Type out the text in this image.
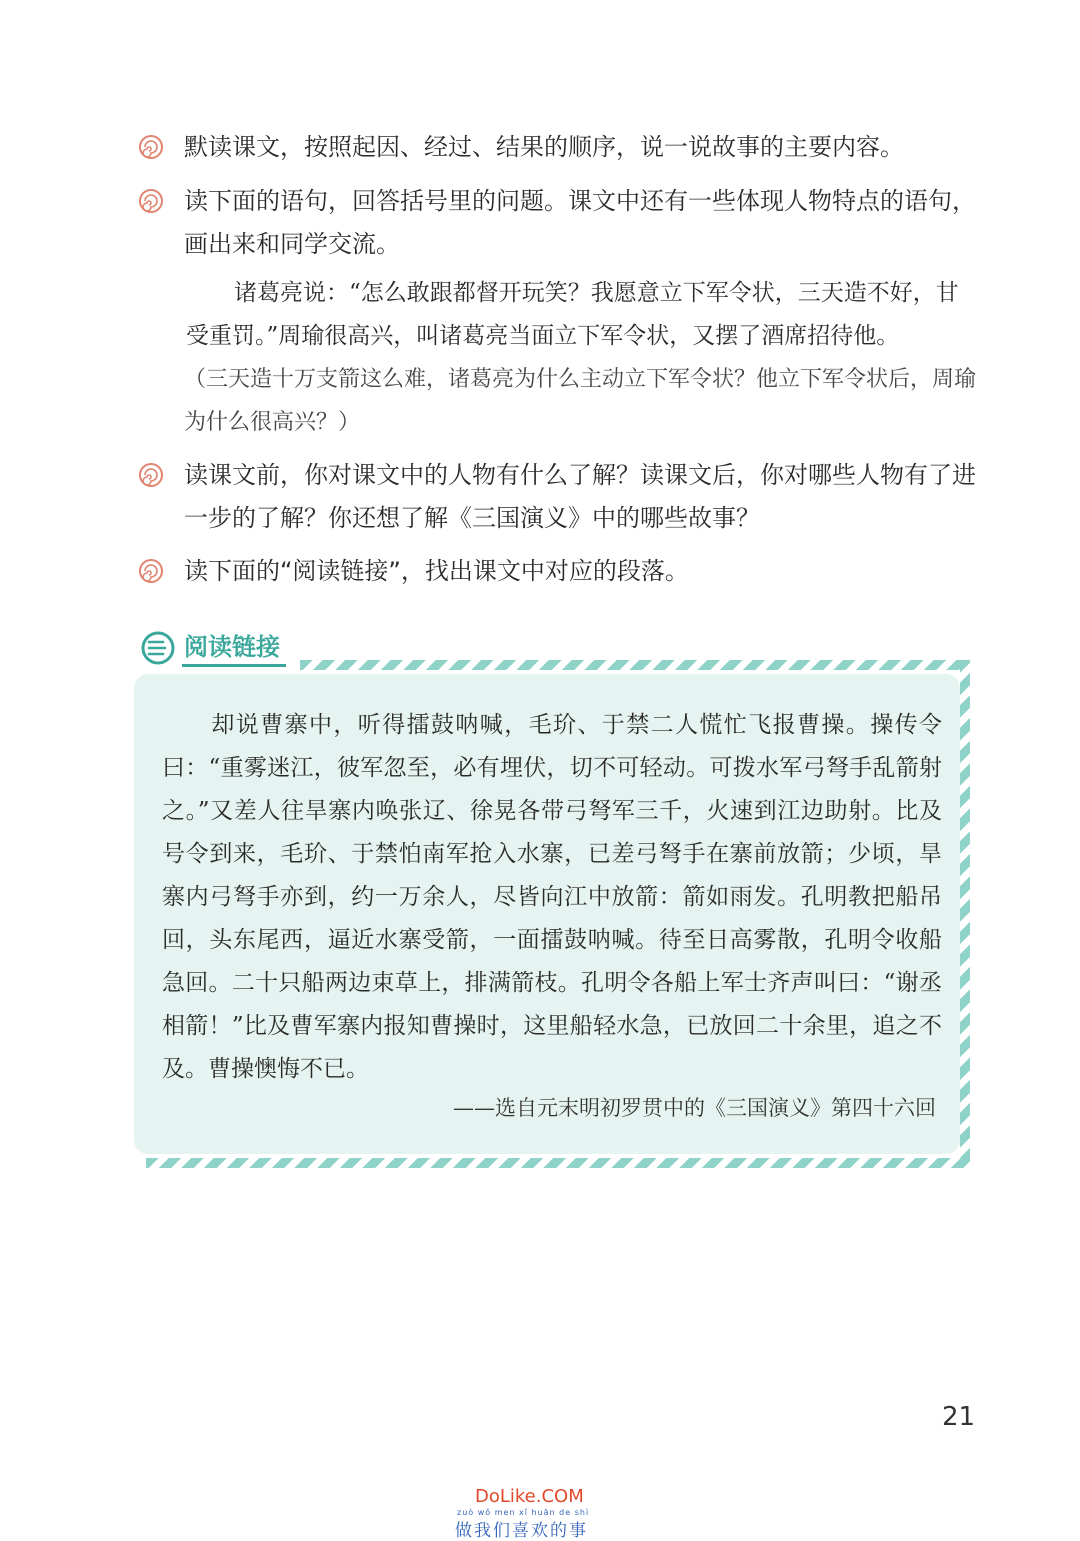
默读课文，按照起因、经过、结果的顺序，说一说故事的主要内容。
读下面的语句，回答括号里的问题。课文中还有一些体现人物特点的语句，画出来和同学交流。
诸葛亮说：“怎么敢跟都督开玩笑？我愿意立下军令状，三天造不好，甘受重罚。”周瑜很高兴，叫诸葛亮当面立下军令状，又摆了酒席招待他。
（三天造十万支箭这么难，诸葛亮为什么主动立下军令状？他立下军令状后，周瑜为什么很高兴？）
读课文前，你对课文中的人物有什么了解？读课文后，你对哪些人物有了进一步的了解？你还想了解《三国演义》中的哪些故事？
读下面的“阅读链接”，找出课文中对应的段落。
阅读链接
却说曹寨中，听得擂鼓呐喊，毛玠、于禁二人慌忙飞报曹操。操传令曰：“重雾迷江，彼军忽至，必有埋伏，切不可轻动。可拨水军弓弩手乱箭射之。”又差人往旱寨内唤张辽、徐晃各带弓弩军三千，火速到江边助射。比及号令到来，毛玠、于禁怕南军抢入水寨，已差弓弩手在寨前放箭；少顷，旱寨内弓弩手亦到，约一万余人，尽皆向江中放箭：箭如雨发。孔明教把船吊回，头东尾西，逼近水寨受箭，一面擂鼓呐喊。待至日高雾散，孔明令收船急回。二十只船两边束草上，排满箭枝。孔明令各船上军士齐声叫曰：“谢丞相箭！”比及曹军寨内报知曹操时，这里船轻水急，已放回二十余里，追之不及。曹操懊悔不已。
——选自元末明初罗贯中的《三国演义》第四十六回
21
DoLike.COM
zuò wǒ men xǐ huān de shì
做我们喜欢的事
